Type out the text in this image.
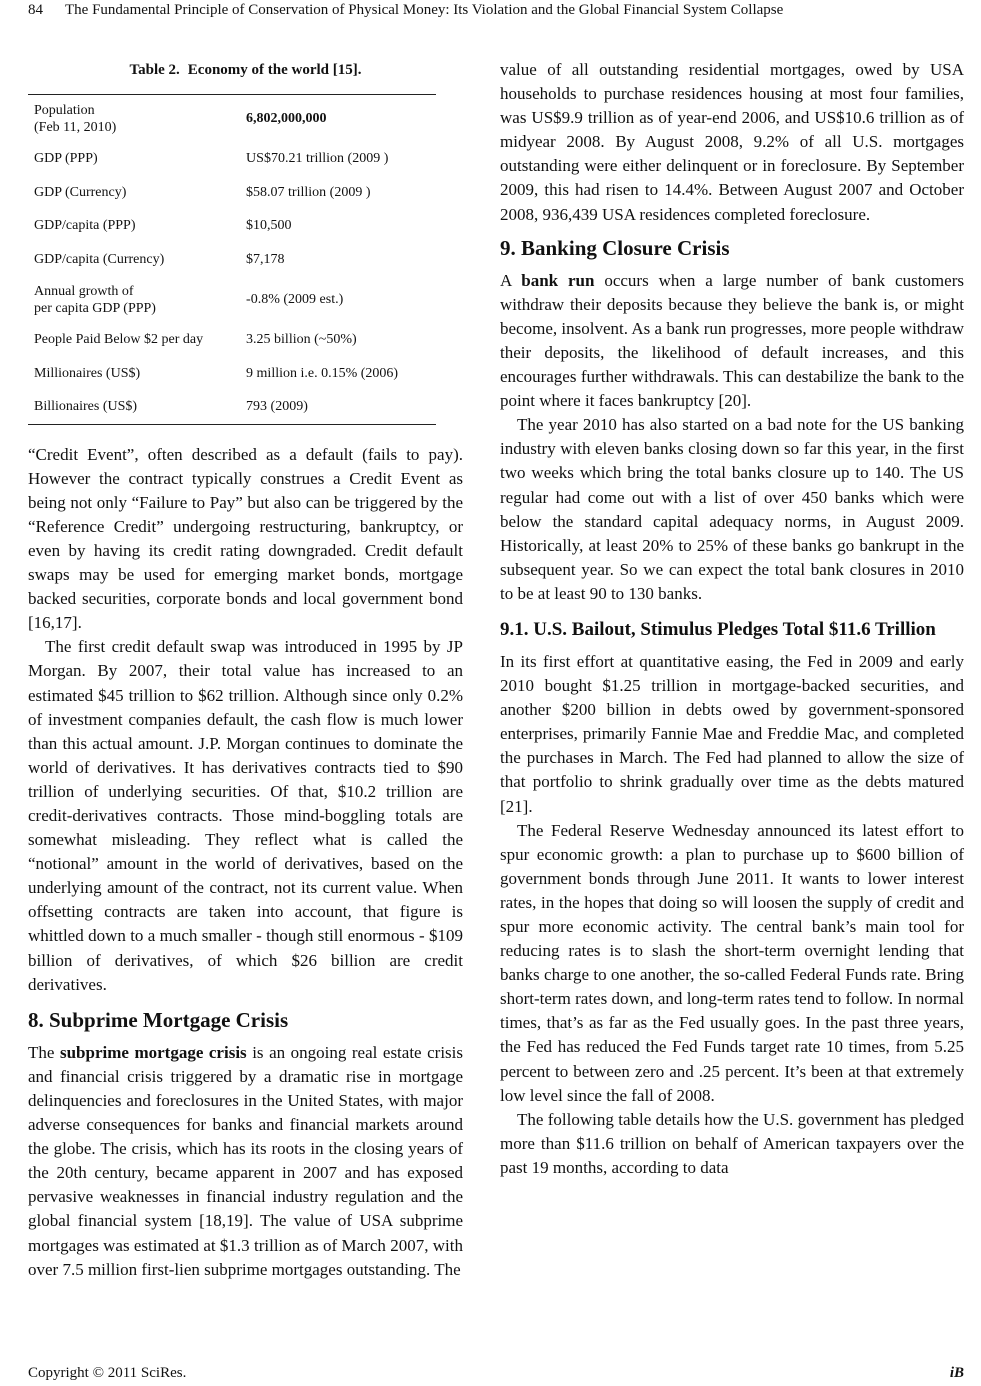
84 The Fundamental Principle of Conservation of Physical Money: Its Violation and the Global Financial System Collapse
Table 2. Economy of the world [15].
Population
(Feb 11, 2010)	6,802,000,000
GDP (PPP)	US$70.21 trillion (2009 )
GDP (Currency)	$58.07 trillion (2009 )
GDP/capita (PPP)	$10,500
GDP/capita (Currency)	$7,178
Annual growth of
per capita GDP (PPP)	-0.8% (2009 est.)
People Paid Below $2 per day	3.25 billion (~50%)
Millionaires (US$)	9 million i.e. 0.15% (2006)
Billionaires (US$)	793 (2009)

“Credit Event”, often described as a default (fails to pay). However the contract typically construes a Credit Event as being not only “Failure to Pay” but also can be triggered by the “Reference Credit” undergoing restructuring, bankruptcy, or even by having its credit rating downgraded. Credit default swaps may be used for emerging market bonds, mortgage backed securities, corporate bonds and local government bond [16,17].

The first credit default swap was introduced in 1995 by JP Morgan. By 2007, their total value has increased to an estimated $45 trillion to $62 trillion. Although since only 0.2% of investment companies default, the cash flow is much lower than this actual amount. J.P. Morgan continues to dominate the world of derivatives. It has derivatives contracts tied to $90 trillion of underlying securities. Of that, $10.2 trillion are credit-derivatives contracts. Those mind-boggling totals are somewhat misleading. They reflect what is called the “notional” amount in the world of derivatives, based on the underlying amount of the contract, not its current value. When offsetting contracts are taken into account, that figure is whittled down to a much smaller - though still enormous - $109 billion of derivatives, of which $26 billion are credit derivatives.

8. Subprime Mortgage Crisis

The subprime mortgage crisis is an ongoing real estate crisis and financial crisis triggered by a dramatic rise in mortgage delinquencies and foreclosures in the United States, with major adverse consequences for banks and financial markets around the globe. The crisis, which has its roots in the closing years of the 20th century, became apparent in 2007 and has exposed pervasive weaknesses in financial industry regulation and the global financial system [18,19]. The value of USA subprime mortgages was estimated at $1.3 trillion as of March 2007, with over 7.5 million first-lien subprime mortgages outstanding. The

value of all outstanding residential mortgages, owed by USA households to purchase residences housing at most four families, was US$9.9 trillion as of year-end 2006, and US$10.6 trillion as of midyear 2008. By August 2008, 9.2% of all U.S. mortgages outstanding were either delinquent or in foreclosure. By September 2009, this had risen to 14.4%. Between August 2007 and October 2008, 936,439 USA residences completed foreclosure.

9. Banking Closure Crisis

A bank run occurs when a large number of bank customers withdraw their deposits because they believe the bank is, or might become, insolvent. As a bank run progresses, more people withdraw their deposits, the likelihood of default increases, and this encourages further withdrawals. This can destabilize the bank to the point where it faces bankruptcy [20].

The year 2010 has also started on a bad note for the US banking industry with eleven banks closing down so far this year, in the first two weeks which bring the total banks closure up to 140. The US regular had come out with a list of over 450 banks which were below the standard capital adequacy norms, in August 2009. Historically, at least 20% to 25% of these banks go bankrupt in the subsequent year. So we can expect the total bank closures in 2010 to be at least 90 to 130 banks.

9.1. U.S. Bailout, Stimulus Pledges Total $11.6 Trillion

In its first effort at quantitative easing, the Fed in 2009 and early 2010 bought $1.25 trillion in mortgage-backed securities, and another $200 billion in debts owed by government-sponsored enterprises, primarily Fannie Mae and Freddie Mac, and completed the purchases in March. The Fed had planned to allow the size of that portfolio to shrink gradually over time as the debts matured [21].

The Federal Reserve Wednesday announced its latest effort to spur economic growth: a plan to purchase up to $600 billion of government bonds through June 2011. It wants to lower interest rates, in the hopes that doing so will loosen the supply of credit and spur more economic activity. The central bank’s main tool for reducing rates is to slash the short-term overnight lending that banks charge to one another, the so-called Federal Funds rate. Bring short-term rates down, and long-term rates tend to follow. In normal times, that’s as far as the Fed usually goes. In the past three years, the Fed has reduced the Fed Funds target rate 10 times, from 5.25 percent to between zero and .25 percent. It’s been at that extremely low level since the fall of 2008.

The following table details how the U.S. government has pledged more than $11.6 trillion on behalf of American taxpayers over the past 19 months, according to data

Copyright © 2011 SciRes.	iB
